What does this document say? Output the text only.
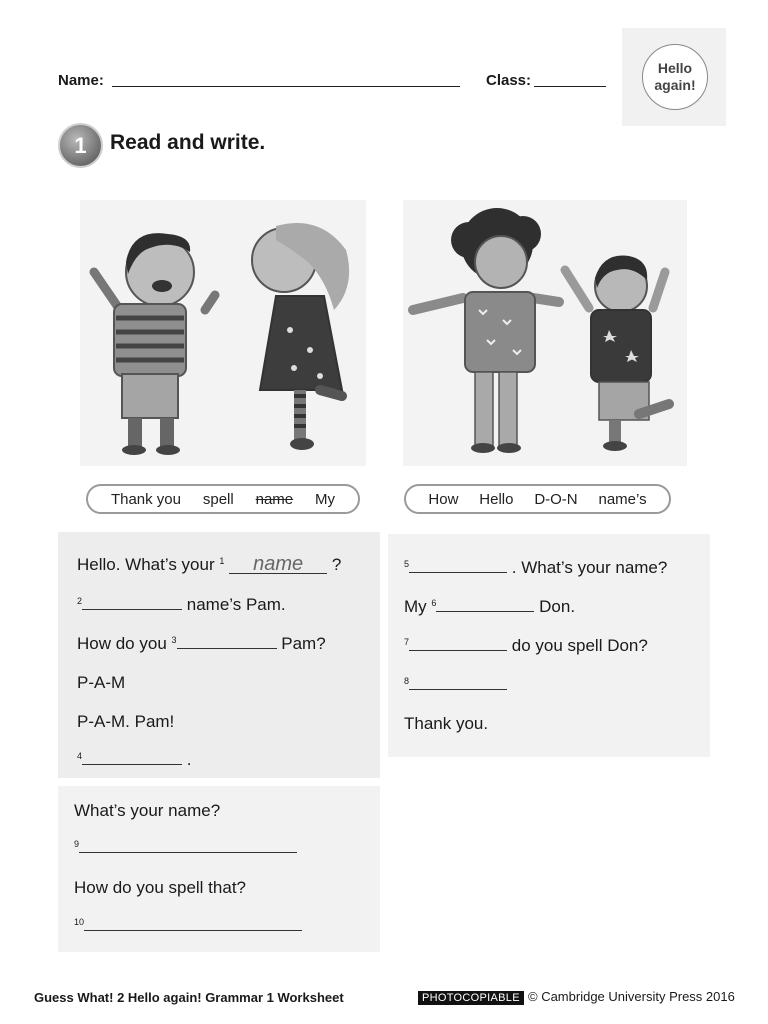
Name:	Class:
Hello
again!
1 Read and write.
Thank you spell name My	How Hello D-O-N name’s
Hello. What’s your $^1$ name ?
$^2$	name’s Pam.
How do you $^3$	Pam?
P-A-M
P-A-M. Pam!
$^4$	.
$^5$	. What’s your name?
My $^6$	Don.
$^7$	do you spell Don?
$^8$
Thank you.
What’s your name?
$^9$
How do you spell that?
$^{10}$
Guess What! 2 Hello again! Grammar 1 Worksheet	PHOTOCOPIABLE © Cambridge University Press 2016
